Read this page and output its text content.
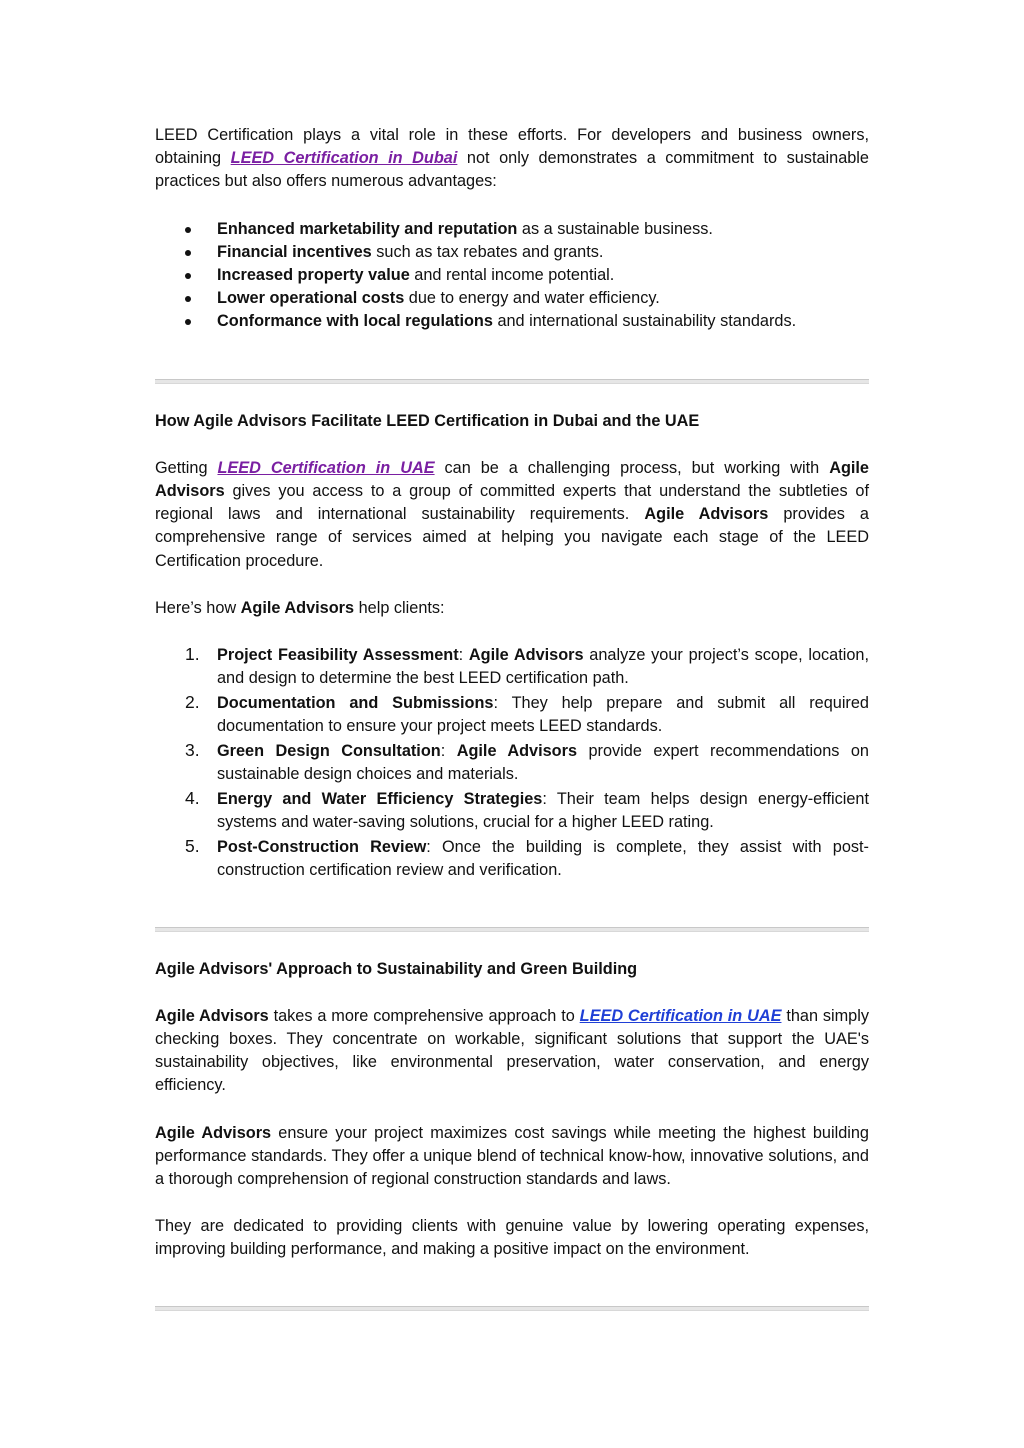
LEED Certification plays a vital role in these efforts. For developers and business owners, obtaining LEED Certification in Dubai not only demonstrates a commitment to sustainable practices but also offers numerous advantages:

Enhanced marketability and reputation as a sustainable business.
Financial incentives such as tax rebates and grants.
Increased property value and rental income potential.
Lower operational costs due to energy and water efficiency.
Conformance with local regulations and international sustainability standards.
How Agile Advisors Facilitate LEED Certification in Dubai and the UAE

Getting LEED Certification in UAE can be a challenging process, but working with Agile Advisors gives you access to a group of committed experts that understand the subtleties of regional laws and international sustainability requirements. Agile Advisors provides a comprehensive range of services aimed at helping you navigate each stage of the LEED Certification procedure.

Here’s how Agile Advisors help clients:

1. Project Feasibility Assessment: Agile Advisors analyze your project’s scope, location, and design to determine the best LEED certification path.
2. Documentation and Submissions: They help prepare and submit all required documentation to ensure your project meets LEED standards.
3. Green Design Consultation: Agile Advisors provide expert recommendations on sustainable design choices and materials.
4. Energy and Water Efficiency Strategies: Their team helps design energy-efficient systems and water-saving solutions, crucial for a higher LEED rating.
5. Post-Construction Review: Once the building is complete, they assist with post-construction certification review and verification.
Agile Advisors' Approach to Sustainability and Green Building

Agile Advisors takes a more comprehensive approach to LEED Certification in UAE than simply checking boxes. They concentrate on workable, significant solutions that support the UAE's sustainability objectives, like environmental preservation, water conservation, and energy efficiency.

Agile Advisors ensure your project maximizes cost savings while meeting the highest building performance standards. They offer a unique blend of technical know-how, innovative solutions, and a thorough comprehension of regional construction standards and laws.

They are dedicated to providing clients with genuine value by lowering operating expenses, improving building performance, and making a positive impact on the environment.
